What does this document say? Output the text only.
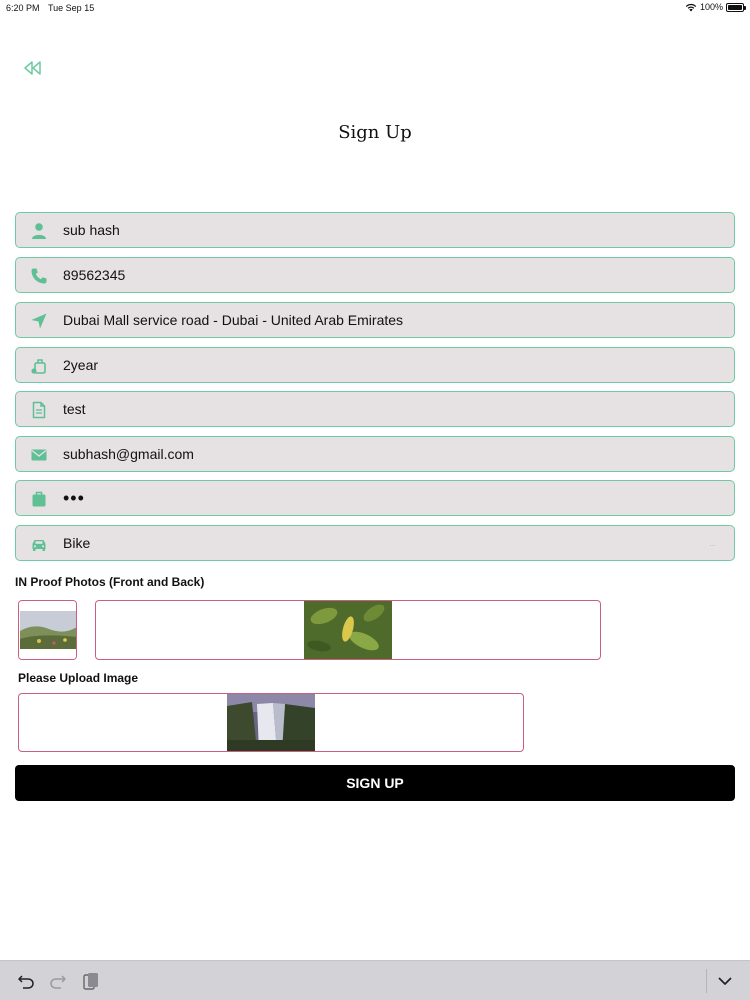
6:20 PM Tue Sep 15	100%
Sign Up
sub hash
89562345
Dubai Mall service road - Dubai - United Arab Emirates
2year
test
subhash@gmail.com
•••
Bike	...
IN Proof Photos (Front and Back)
Please Upload Image
SIGN UP
